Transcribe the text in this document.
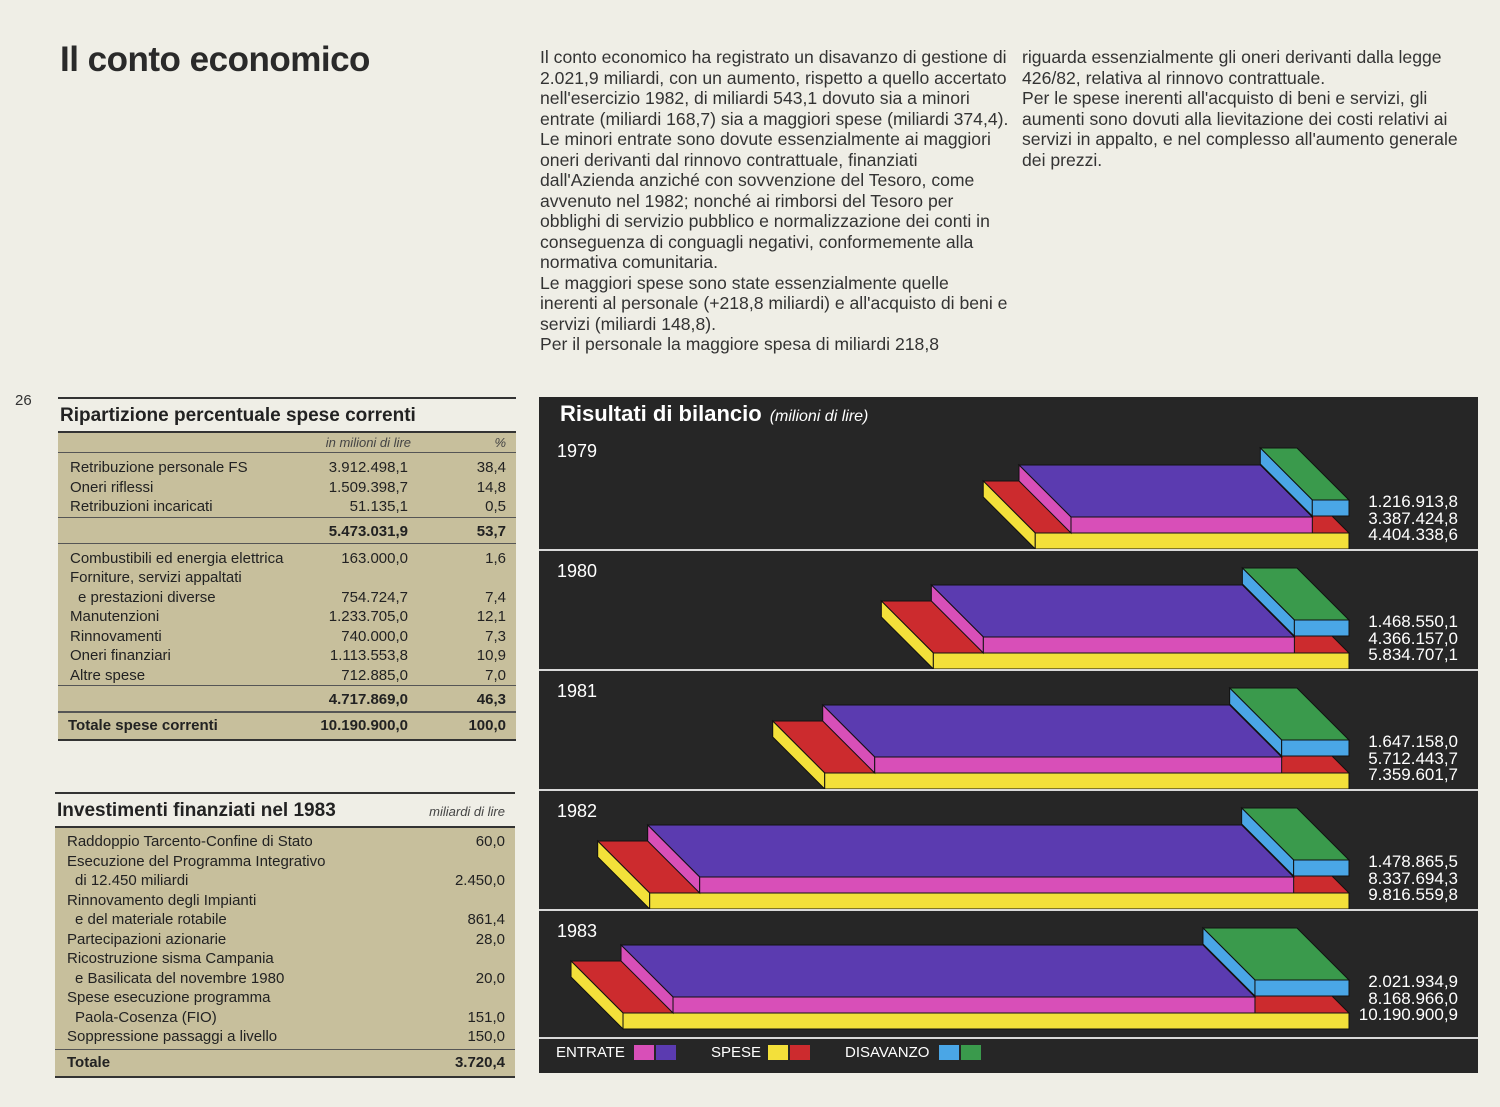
Il conto economico
26

Il conto economico ha registrato un disavanzo di gestione di 2.021,9 miliardi, con un aumento, rispetto a quello accertato nell'esercizio 1982, di miliardi 543,1 dovuto sia a minori entrate (miliardi 168,7) sia a maggiori spese (miliardi 374,4).

Le minori entrate sono dovute essenzialmente ai maggiori oneri derivanti dal rinnovo contrattuale, finanziati dall'Azienda anziché con sovvenzione del Tesoro, come avvenuto nel 1982; nonché ai rimborsi del Tesoro per obblighi di servizio pubblico e normalizzazione dei conti in conseguenza di conguagli negativi, conformemente alla normativa comunitaria.

Le maggiori spese sono state essenzialmente quelle inerenti al personale (+218,8 miliardi) e all'acquisto di beni e servizi (miliardi 148,8).

Per il personale la maggiore spesa di miliardi 218,8

riguarda essenzialmente gli oneri derivanti dalla legge 426/82, relativa al rinnovo contrattuale.

Per le spese inerenti all'acquisto di beni e servizi, gli aumenti sono dovuti alla lievitazione dei costi relativi ai servizi in appalto, e nel complesso all'aumento generale dei prezzi.

Ripartizione percentuale spese correnti
in milioni di lire	%
Retribuzione personale FS	3.912.498,1	38,4
Oneri riflessi	1.509.398,7	14,8
Retribuzioni incaricati	51.135,1	0,5
5.473.031,9	53,7
Combustibili ed energia elettrica	163.000,0	1,6
Forniture, servizi appaltati
e prestazioni diverse	754.724,7	7,4
Manutenzioni	1.233.705,0	12,1
Rinnovamenti	740.000,0	7,3
Oneri finanziari	1.113.553,8	10,9
Altre spese	712.885,0	7,0
4.717.869,0	46,3
Totale spese correnti	10.190.900,0	100,0
Investimenti finanziati nel 1983	miliardi di lire
Raddoppio Tarcento-Confine di Stato	60,0
Esecuzione del Programma Integrativo
di 12.450 miliardi	2.450,0
Rinnovamento degli Impianti
e del materiale rotabile	861,4
Partecipazioni azionarie	28,0
Ricostruzione sisma Campania
e Basilicata del novembre 1980	20,0
Spese esecuzione programma
Paola-Cosenza (FIO)	151,0
Soppressione passaggi a livello	150,0
Totale	3.720,4
Risultati di bilancio (milioni di lire)
1979
1.216.913,8
3.387.424,8
4.404.338,6
1980
1.468.550,1
4.366.157,0
5.834.707,1
1981
1.647.158,0
5.712.443,7
7.359.601,7
1982
1.478.865,5
8.337.694,3
9.816.559,8
1983
2.021.934,9
8.168.966,0
10.190.900,9
ENTRATE	SPESE	DISAVANZO
